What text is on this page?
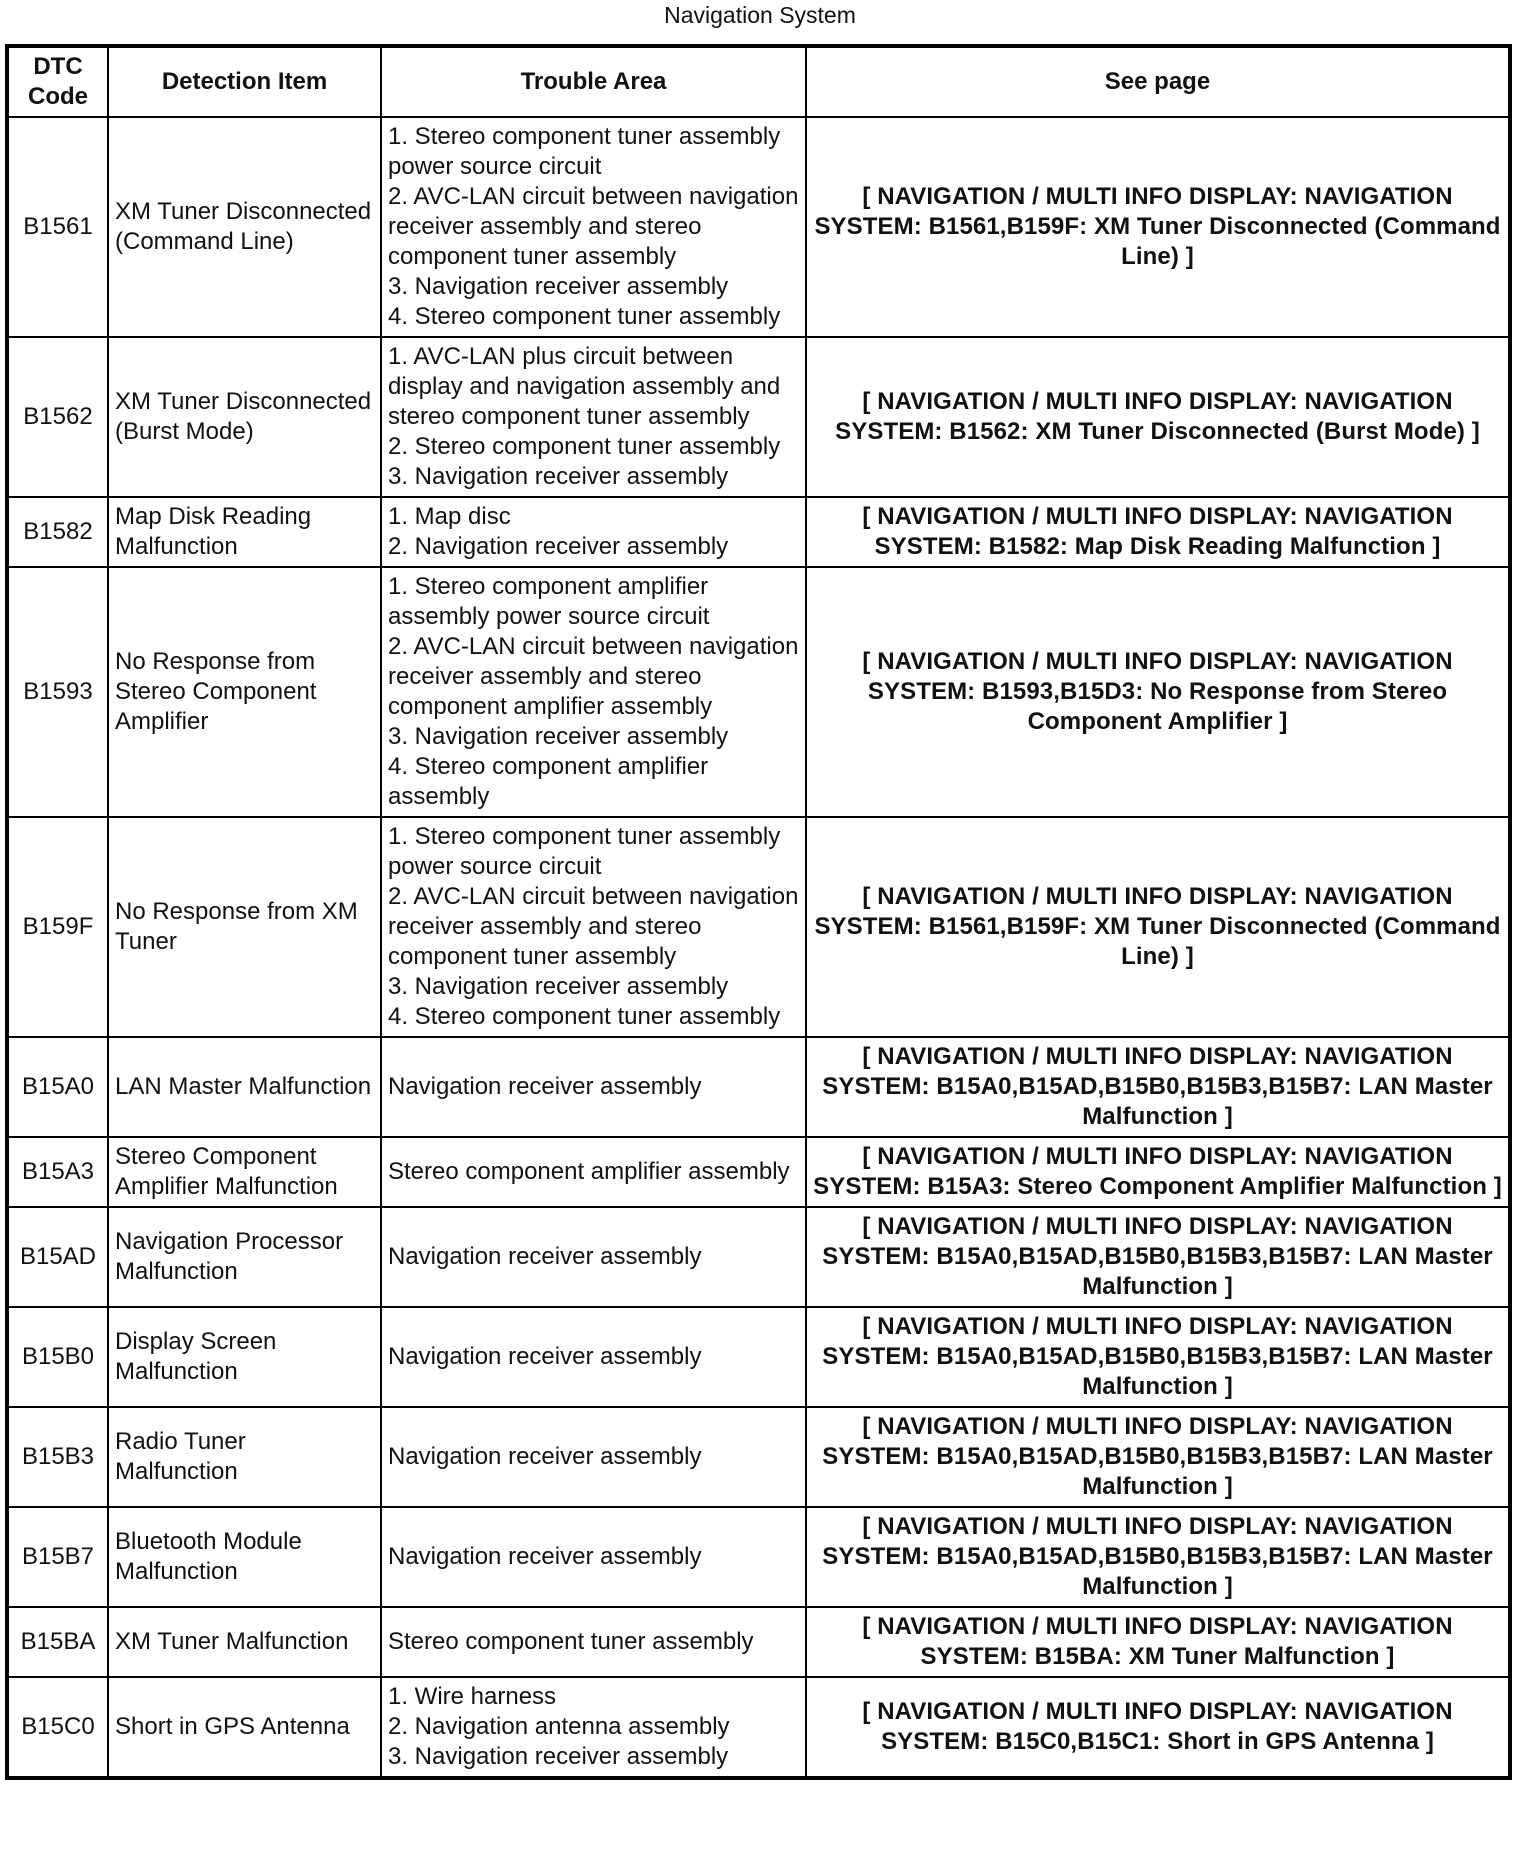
Navigation System
DTC Code	Detection Item	Trouble Area	See page
B1561	XM Tuner Disconnected (Command Line)	1. Stereo component tuner assembly power source circuit
2. AVC-LAN circuit between navigation receiver assembly and stereo component tuner assembly
3. Navigation receiver assembly
4. Stereo component tuner assembly	[ NAVIGATION / MULTI INFO DISPLAY: NAVIGATION SYSTEM: B1561,B159F: XM Tuner Disconnected (Command Line) ]
B1562	XM Tuner Disconnected (Burst Mode)	1. AVC-LAN plus circuit between display and navigation assembly and stereo component tuner assembly
2. Stereo component tuner assembly
3. Navigation receiver assembly	[ NAVIGATION / MULTI INFO DISPLAY: NAVIGATION SYSTEM: B1562: XM Tuner Disconnected (Burst Mode) ]
B1582	Map Disk Reading Malfunction	1. Map disc
2. Navigation receiver assembly	[ NAVIGATION / MULTI INFO DISPLAY: NAVIGATION SYSTEM: B1582: Map Disk Reading Malfunction ]
B1593	No Response from Stereo Component Amplifier	1. Stereo component amplifier assembly power source circuit
2. AVC-LAN circuit between navigation receiver assembly and stereo component amplifier assembly
3. Navigation receiver assembly
4. Stereo component amplifier assembly	[ NAVIGATION / MULTI INFO DISPLAY: NAVIGATION SYSTEM: B1593,B15D3: No Response from Stereo Component Amplifier ]
B159F	No Response from XM Tuner	1. Stereo component tuner assembly power source circuit
2. AVC-LAN circuit between navigation receiver assembly and stereo component tuner assembly
3. Navigation receiver assembly
4. Stereo component tuner assembly	[ NAVIGATION / MULTI INFO DISPLAY: NAVIGATION SYSTEM: B1561,B159F: XM Tuner Disconnected (Command Line) ]
B15A0	LAN Master Malfunction	Navigation receiver assembly	[ NAVIGATION / MULTI INFO DISPLAY: NAVIGATION SYSTEM: B15A0,B15AD,B15B0,B15B3,B15B7: LAN Master Malfunction ]
B15A3	Stereo Component Amplifier Malfunction	Stereo component amplifier assembly	[ NAVIGATION / MULTI INFO DISPLAY: NAVIGATION SYSTEM: B15A3: Stereo Component Amplifier Malfunction ]
B15AD	Navigation Processor Malfunction	Navigation receiver assembly	[ NAVIGATION / MULTI INFO DISPLAY: NAVIGATION SYSTEM: B15A0,B15AD,B15B0,B15B3,B15B7: LAN Master Malfunction ]
B15B0	Display Screen Malfunction	Navigation receiver assembly	[ NAVIGATION / MULTI INFO DISPLAY: NAVIGATION SYSTEM: B15A0,B15AD,B15B0,B15B3,B15B7: LAN Master Malfunction ]
B15B3	Radio Tuner Malfunction	Navigation receiver assembly	[ NAVIGATION / MULTI INFO DISPLAY: NAVIGATION SYSTEM: B15A0,B15AD,B15B0,B15B3,B15B7: LAN Master Malfunction ]
B15B7	Bluetooth Module Malfunction	Navigation receiver assembly	[ NAVIGATION / MULTI INFO DISPLAY: NAVIGATION SYSTEM: B15A0,B15AD,B15B0,B15B3,B15B7: LAN Master Malfunction ]
B15BA	XM Tuner Malfunction	Stereo component tuner assembly	[ NAVIGATION / MULTI INFO DISPLAY: NAVIGATION SYSTEM: B15BA: XM Tuner Malfunction ]
B15C0	Short in GPS Antenna	1. Wire harness
2. Navigation antenna assembly
3. Navigation receiver assembly	[ NAVIGATION / MULTI INFO DISPLAY: NAVIGATION SYSTEM: B15C0,B15C1: Short in GPS Antenna ]
